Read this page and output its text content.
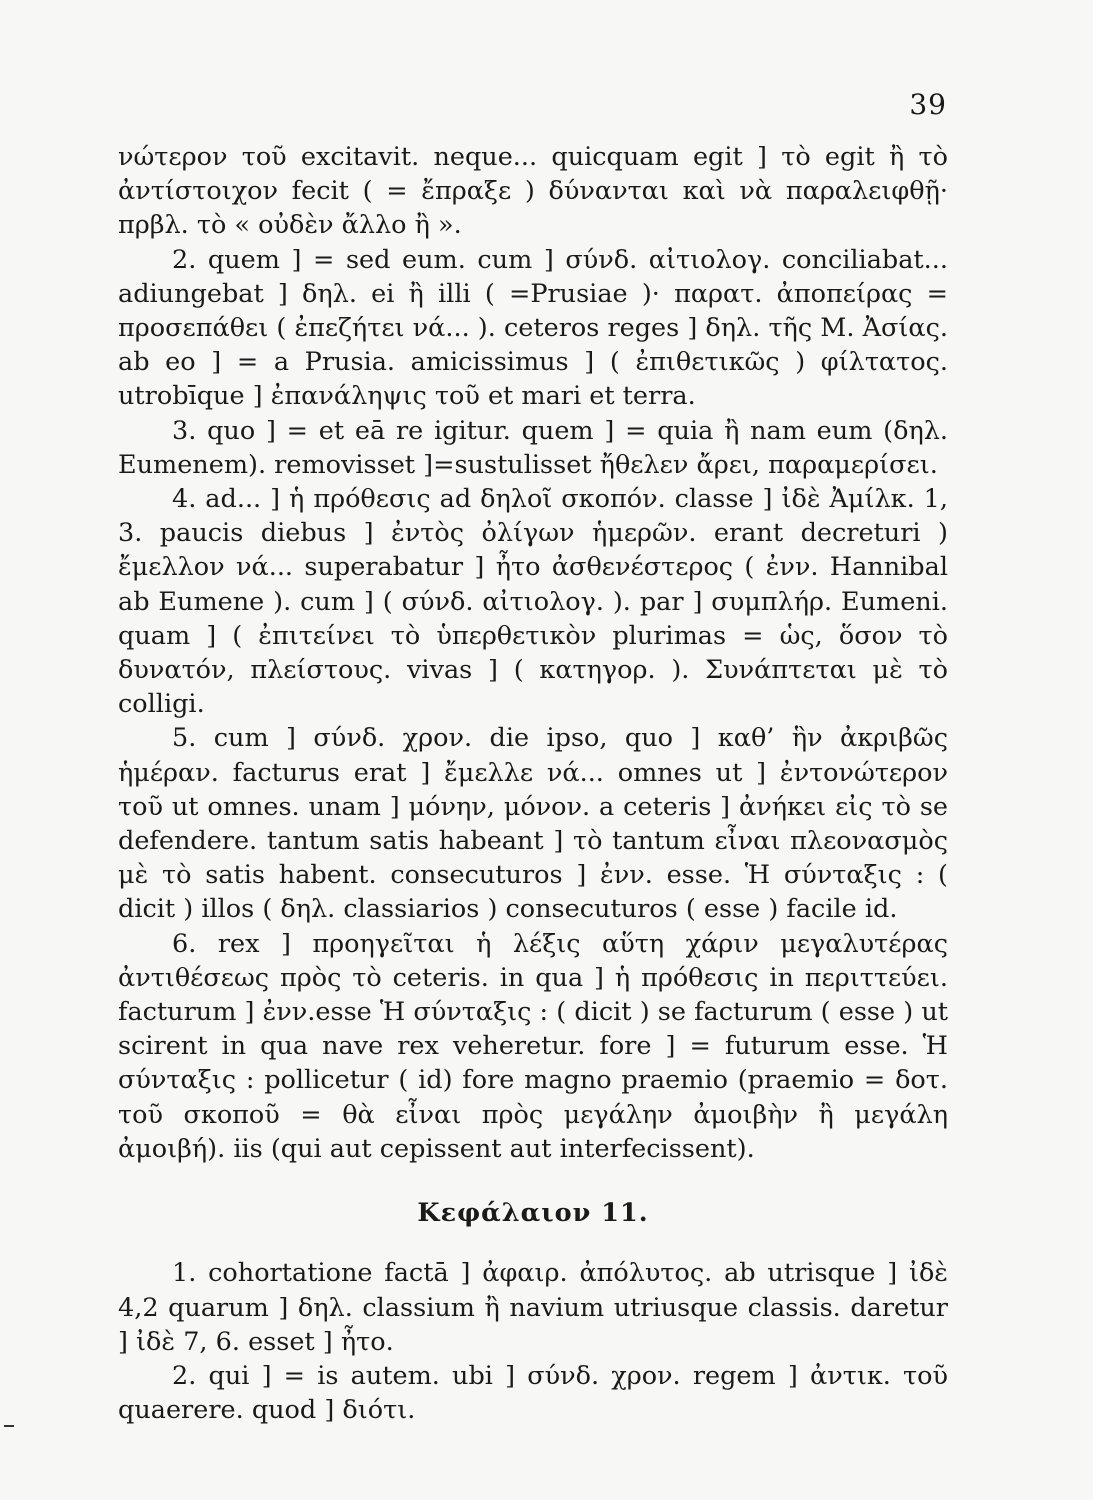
39

νώτερον τοῦ excitavit. neque... quicquam egit ] τὸ egit ἢ τὸ ἀντίστοιχον fecit ( = ἔπραξε ) δύνανται καὶ νὰ παραλειφθῇ· πρβλ. τὸ « οὐδὲν ἄλλο ἢ ».

2. quem ] = sed eum. cum ] σύνδ. αἰτιολογ. conciliabat... adiungebat ] δηλ. ei ἢ illi ( =Prusiae )· παρατ. ἀποπείρας = προσεπάθει ( ἐπεζήτει νά... ). ceteros reges ] δηλ. τῆς Μ. Ἀσίας. ab eo ] = a Prusia. amicissimus ] ( ἐπιθετικῶς ) φίλτατος. utrobīque ] ἐπανάληψις τοῦ et mari et terra.

3. quo ] = et eā re igitur. quem ] = quia ἢ nam eum (δηλ. Eumenem). removisset ]=sustulisset ἤθελεν ἄρει, παραμερίσει.

4. ad... ] ἡ πρόθεσις ad δηλοῖ σκοπόν. classe ] ἰδὲ Ἀμίλκ. 1, 3. paucis diebus ] ἐντὸς ὀλίγων ἡμερῶν. erant decreturi ) ἔμελλον νά... superabatur ] ἦτο ἀσθενέστερος ( ἐνν. Hannibal ab Eumene ). cum ] ( σύνδ. αἰτιολογ. ). par ] συμπλήρ. Eumeni. quam ] ( ἐπιτείνει τὸ ὑπερθετικὸν plurimas = ὡς, ὅσον τὸ δυνατόν, πλείστους. vivas ] ( κατηγορ. ). Συνάπτεται μὲ τὸ colligi.

5. cum ] σύνδ. χρον. die ipso, quo ] καθ’ ἣν ἀκριβῶς ἡμέραν. facturus erat ] ἔμελλε νά... omnes ut ] ἐντονώτερον τοῦ ut omnes. unam ] μόνην, μόνον. a ceteris ] ἀνήκει εἰς τὸ se defendere. tantum satis habeant ] τὸ tantum εἶναι πλεονασμὸς μὲ τὸ satis habent. consecuturos ] ἐνν. esse. Ἡ σύνταξις : ( dicit ) illos ( δηλ. classiarios ) consecuturos ( esse ) facile id.

6. rex ] προηγεῖται ἡ λέξις αὕτη χάριν μεγαλυτέρας ἀντιθέσεως πρὸς τὸ ceteris. in qua ] ἡ πρόθεσις in περιττεύει. facturum ] ἐνν.esse Ἡ σύνταξις : ( dicit ) se facturum ( esse ) ut scirent in qua nave rex veheretur. fore ] = futurum esse. Ἡ σύνταξις : pollicetur ( id) fore magno praemio (praemio = δοτ. τοῦ σκοποῦ = θὰ εἶναι πρὸς μεγάλην ἀμοιβὴν ἢ μεγάλη ἀμοιβή). iis (qui aut cepissent aut interfecissent).

Κεφάλαιον 11.

1. cohortatione factā ] ἀφαιρ. ἀπόλυτος. ab utrisque ] ἰδὲ 4,2 quarum ] δηλ. classium ἢ navium utriusque classis. daretur ] ἰδὲ 7, 6. esset ] ἦτο.

2. qui ] = is autem. ubi ] σύνδ. χρον. regem ] ἀντικ. τοῦ quaerere. quod ] διότι.
